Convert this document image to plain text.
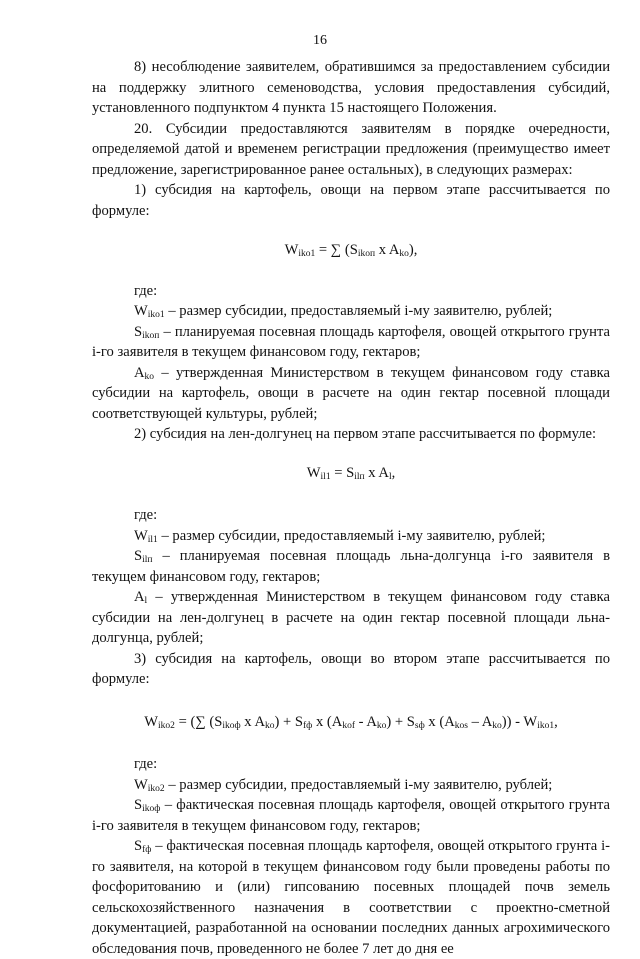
16

8) несоблюдение заявителем, обратившимся за предоставлением субсидии на поддержку элитного семеноводства, условия предоставления субсидий, установленного подпунктом 4 пункта 15 настоящего Положения.

20. Субсидии предоставляются заявителям в порядке очередности, определяемой датой и временем регистрации предложения (преимущество имеет предложение, зарегистрированное ранее остальных), в следующих размерах:

1) субсидия на картофель, овощи на первом этапе рассчитывается по формуле:

$W_{iko1}$ = ∑ ($S_{ikoп}$ x $A_{ko}$),

где:

$W_{iko1}$ – размер субсидии, предоставляемый i-му заявителю, рублей;

$S_{ikoп}$ – планируемая посевная площадь картофеля, овощей открытого грунта i-го заявителя в текущем финансовом году, гектаров;

$A_{ko}$ – утвержденная Министерством в текущем финансовом году ставка субсидии на картофель, овощи в расчете на один гектар посевной площади соответствующей культуры, рублей;

2) субсидия на лен-долгунец на первом этапе рассчитывается по формуле:

$W_{il1} = S_{ilп}$ x $A_l$,

где:

$W_{il1}$ – размер субсидии, предоставляемый i-му заявителю, рублей;

$S_{ilп}$ – планируемая посевная площадь льна-долгунца i-го заявителя в текущем финансовом году, гектаров;

$A_l$ – утвержденная Министерством в текущем финансовом году ставка субсидии на лен-долгунец в расчете на один гектар посевной площади льна-долгунца, рублей;

3) субсидия на картофель, овощи во втором этапе рассчитывается по формуле:

$W_{iko2}$ = (∑ ($S_{ikoф}$ x $A_{ko}) + S_{fф}$ x $(A_{kof} - A_{ko}) + S_{sф}$ x $(A_{kos} - A_{ko})) - W_{iko1}$,

где:

$W_{iko2}$ – размер субсидии, предоставляемый i-му заявителю, рублей;

$S_{ikoф}$ – фактическая посевная площадь картофеля, овощей открытого грунта i-го заявителя в текущем финансовом году, гектаров;

$S_{fф}$ – фактическая посевная площадь картофеля, овощей открытого грунта i-го заявителя, на которой в текущем финансовом году были проведены работы по фосфоритованию и (или) гипсованию посевных площадей почв земель сельскохозяйственного назначения в соответствии с проектно-сметной документацией, разработанной на основании последних данных агрохимического обследования почв, проведенного не более 7 лет до дня ее
